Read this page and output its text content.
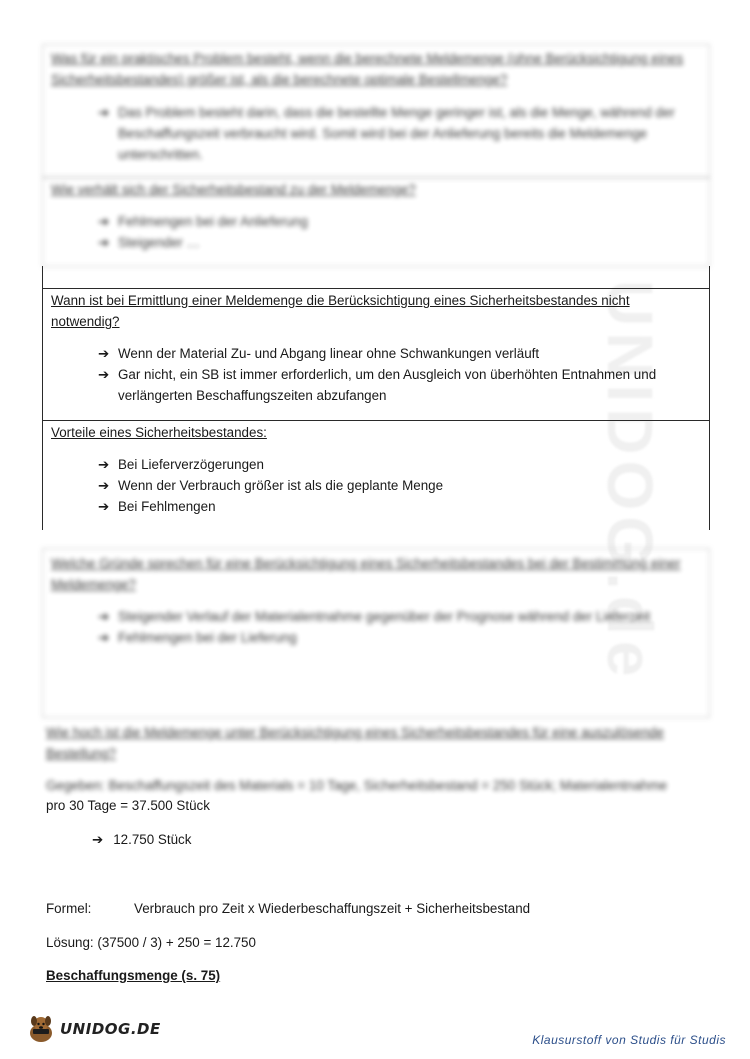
UNIDOG.de
Was für ein praktisches Problem besteht, wenn die berechnete Meldemenge (ohne Berücksichtigung eines Sicherheitsbestandes) größer ist, als die berechnete optimale Bestellmenge?
➔ Das Problem besteht darin, dass die bestellte Menge geringer ist, als die Menge, während der Beschaffungszeit verbraucht wird. Somit wird bei der Anlieferung bereits die Meldemenge unterschritten.
Wie verhält sich der Sicherheitsbestand zu der Meldemenge?
➔ Fehlmengen bei der Anlieferung
➔ Steigender …
Wann ist bei Ermittlung einer Meldemenge die Berücksichtigung eines Sicherheitsbestandes nicht notwendig?
➔ Wenn der Material Zu- und Abgang linear ohne Schwankungen verläuft
➔ Gar nicht, ein SB ist immer erforderlich, um den Ausgleich von überhöhten Entnahmen und verlängerten Beschaffungszeiten abzufangen
Vorteile eines Sicherheitsbestandes:
➔ Bei Lieferverzögerungen
➔ Wenn der Verbrauch größer ist als die geplante Menge
➔ Bei Fehlmengen
Welche Gründe sprechen für eine Berücksichtigung eines Sicherheitsbestandes bei der Bestimmung einer Meldemenge?
➔ Steigender Verlauf der Materialentnahme gegenüber der Prognose während der Lieferzeit
➔ Fehlmengen bei der Lieferung
Wie hoch ist die Meldemenge unter Berücksichtigung eines Sicherheitsbestandes für eine auszulösende Bestellung?
Gegeben: Beschaffungszeit des Materials = 10 Tage, Sicherheitsbestand = 250 Stück; Materialentnahme
pro 30 Tage = 37.500 Stück
➔ 12.750 Stück
Formel:	Verbrauch pro Zeit x Wiederbeschaffungszeit + Sicherheitsbestand
Lösung: (37500 / 3) + 250 = 12.750
Beschaffungsmenge (s. 75)
UNIDOG.DE
Klausurstoff von Studis für Studis
